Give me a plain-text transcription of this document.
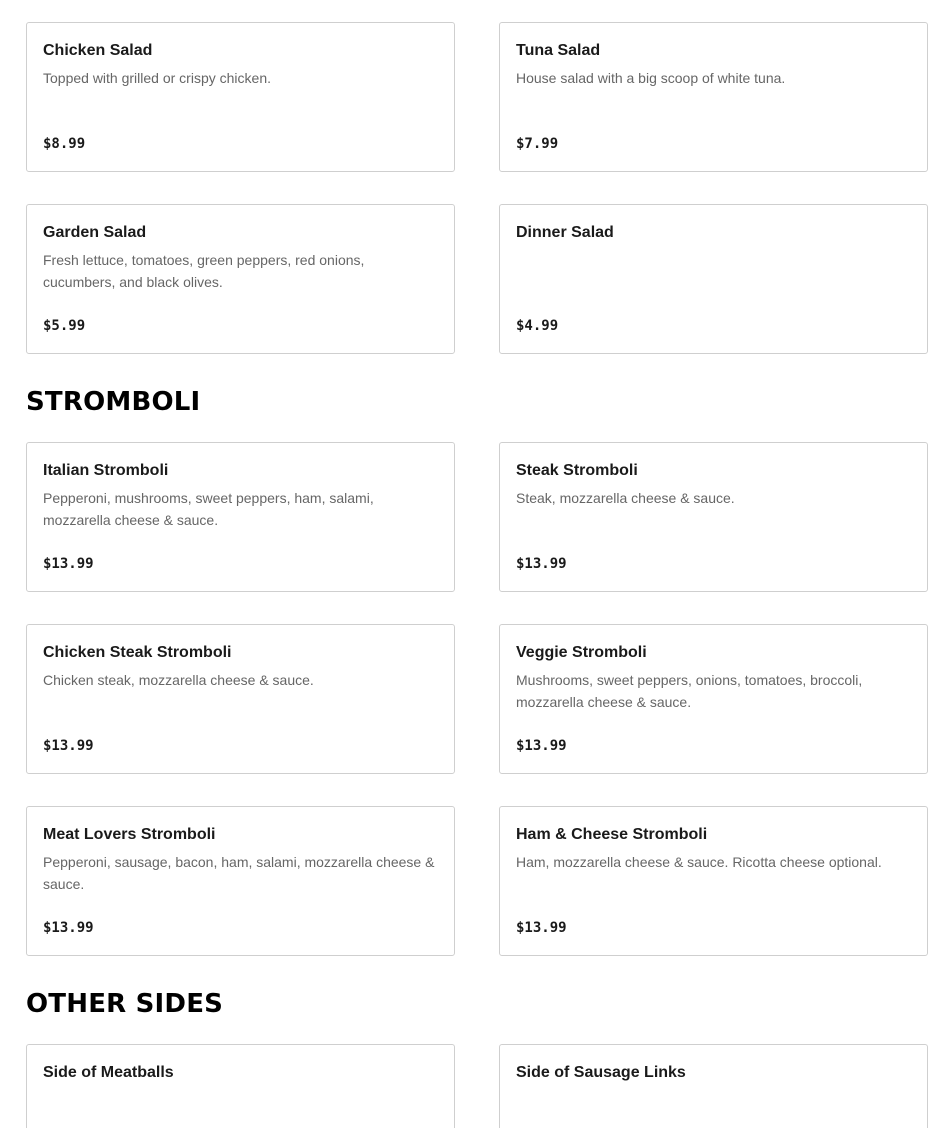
Chicken Salad
Topped with grilled or crispy chicken.
$8.99
Tuna Salad
House salad with a big scoop of white tuna.
$7.99
Garden Salad
Fresh lettuce, tomatoes, green peppers, red onions, cucumbers, and black olives.
$5.99
Dinner Salad
$4.99
STROMBOLI
Italian Stromboli
Pepperoni, mushrooms, sweet peppers, ham, salami, mozzarella cheese & sauce.
$13.99
Steak Stromboli
Steak, mozzarella cheese & sauce.
$13.99
Chicken Steak Stromboli
Chicken steak, mozzarella cheese & sauce.
$13.99
Veggie Stromboli
Mushrooms, sweet peppers, onions, tomatoes, broccoli, mozzarella cheese & sauce.
$13.99
Meat Lovers Stromboli
Pepperoni, sausage, bacon, ham, salami, mozzarella cheese & sauce.
$13.99
Ham & Cheese Stromboli
Ham, mozzarella cheese & sauce. Ricotta cheese optional.
$13.99
OTHER SIDES
Side of Meatballs	Side of Sausage Links
